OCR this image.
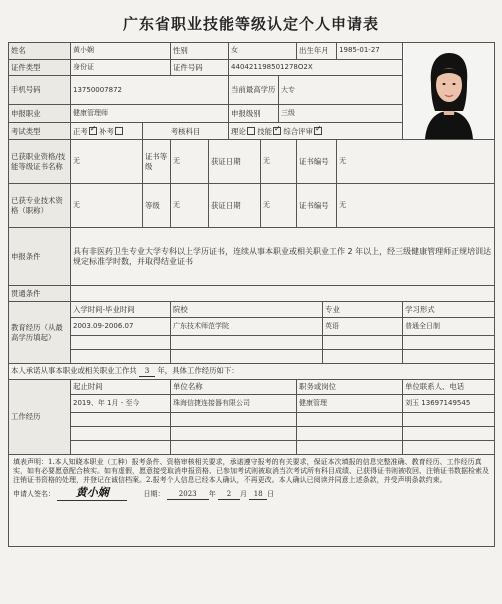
广东省职业技能等级认定个人申请表
姓名	黄小娴		性别		女			出生年月		1985-01-27	

证件类型	身份证		证件号码		440421198501278O2X						
手机号码	13750007872				当前最高学历		大专				
申报职业	健康管理师				申报级别		三级				
考试类型	正考 ✓ 补考	考核科目			理论 技能 ✓ 综合评审✓
已获职业资格/技能等级证书名称	无	证书等级	无	获证日期		无		证书编号		无	
已获专业技术资格（职称）	无	等级	无	获证日期		无		证书编号		无	
申报条件	具有非医药卫生专业大学专科以上学历证书，连续从事本职业或相关职业工作 2 年以上，经三级健康管理师正规培训达规定标准学时数，并取得结业证书										
贯通条件											
教育经历（从最高学历填起）	入学时间-毕业时间		院校						专业		学习形式
	2003.09-2006.07		广东技术师范学院						英语		普通全日制

本人承诺从事本职业或相关职业工作共 3 年，具体工作经历如下：											
工作经历	起止时间		单位名称					职务或岗位			单位联系人、电话
	2019、年 1月 - 至今		珠海信捷连接器有限公司					健康管理			刘玉 13697149545

填表声明：1.本人知晓本职业（工种）报考条件、资格审核相关要求，承诺遵守报考的有关要求，保证本次填报的信息完整准确、教育经历、工作经历真实，如有必要愿意配合核实。如有虚假，愿意接受取消申报资格、已参加考试则被取消当次考试所有科目成绩、已获得证书则被收回、注销证书数据检索及注销证书资格的处理，并登记在诚信档案。2.报考个人信息已经本人确认，不再更改。本人确认已阅读并同意上述条款，并受声明条款约束。
申请人签名： 黄小娴 日期： 2023 年 2 月 18 日											
